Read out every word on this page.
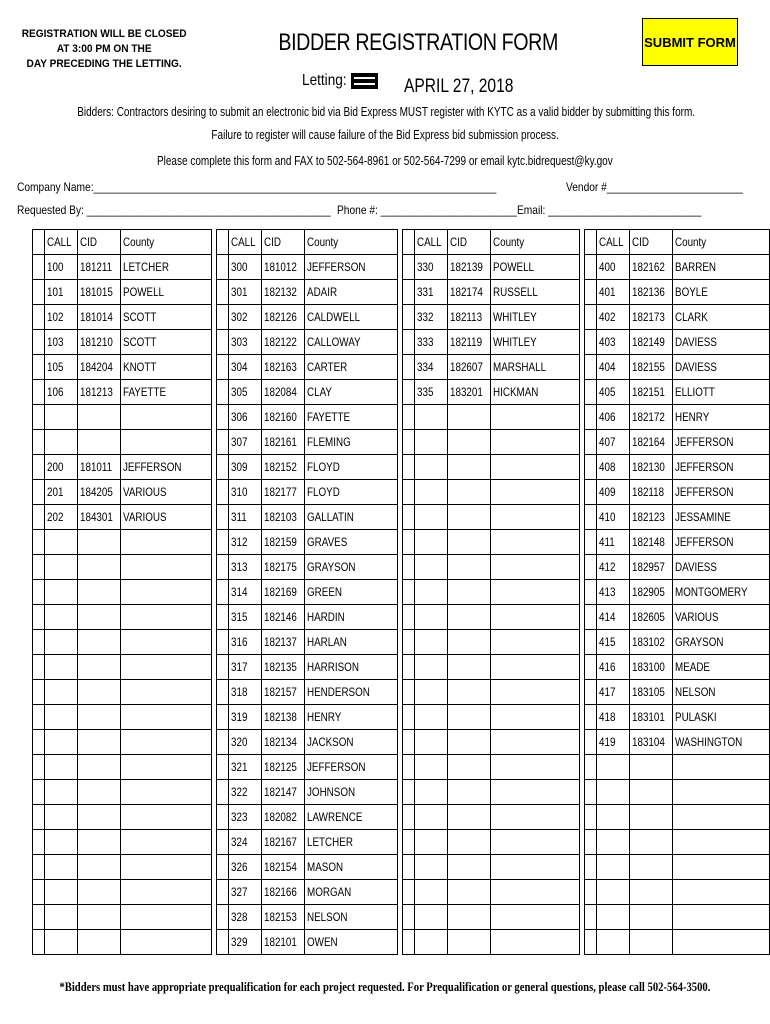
REGISTRATION WILL BE CLOSED
AT 3:00 PM ON THE
DAY PRECEDING THE LETTING.
BIDDER REGISTRATION FORM	SUBMIT FORM
Letting:	APRIL 27, 2018
Bidders: Contractors desiring to submit an electronic bid via Bid Express MUST register with KYTC as a valid bidder by submitting this form.
Failure to register will cause failure of the Bid Express bid submission process.
Please complete this form and FAX to 502-564-8961 or 502-564-7299 or email kytc.bidrequest@ky.gov
Company Name:_______________________________________________________________________	Vendor #________________________
Requested By: ___________________________________________ Phone #: ________________________ Email: ___________________________
	CALL	CID	County			CALL	CID	County			CALL	CID	County			CALL	CID	County
	100	181211	LETCHER			300	181012	JEFFERSON			330	182139	POWELL			400	182162	BARREN
	101	181015	POWELL			301	182132	ADAIR			331	182174	RUSSELL			401	182136	BOYLE
	102	181014	SCOTT			302	182126	CALDWELL			332	182113	WHITLEY			402	182173	CLARK
	103	181210	SCOTT			303	182122	CALLOWAY			333	182119	WHITLEY			403	182149	DAVIESS
	105	184204	KNOTT			304	182163	CARTER			334	182607	MARSHALL			404	182155	DAVIESS
	106	181213	FAYETTE			305	182084	CLAY			335	183201	HICKMAN			405	182151	ELLIOTT
						306	182160	FAYETTE								406	182172	HENRY
						307	182161	FLEMING								407	182164	JEFFERSON
	200	181011	JEFFERSON			309	182152	FLOYD								408	182130	JEFFERSON
	201	184205	VARIOUS			310	182177	FLOYD								409	182118	JEFFERSON
	202	184301	VARIOUS			311	182103	GALLATIN								410	182123	JESSAMINE
						312	182159	GRAVES								411	182148	JEFFERSON
						313	182175	GRAYSON								412	182957	DAVIESS
						314	182169	GREEN								413	182905	MONTGOMERY
						315	182146	HARDIN								414	182605	VARIOUS
						316	182137	HARLAN								415	183102	GRAYSON
						317	182135	HARRISON								416	183100	MEADE
						318	182157	HENDERSON								417	183105	NELSON
						319	182138	HENRY								418	183101	PULASKI
						320	182134	JACKSON								419	183104	WASHINGTON
						321	182125	JEFFERSON										
						322	182147	JOHNSON										
						323	182082	LAWRENCE										
						324	182167	LETCHER										
						326	182154	MASON										
						327	182166	MORGAN										
						328	182153	NELSON										
						329	182101	OWEN										
*Bidders must have appropriate prequalification for each project requested. For Prequalification or general questions, please call 502-564-3500.
